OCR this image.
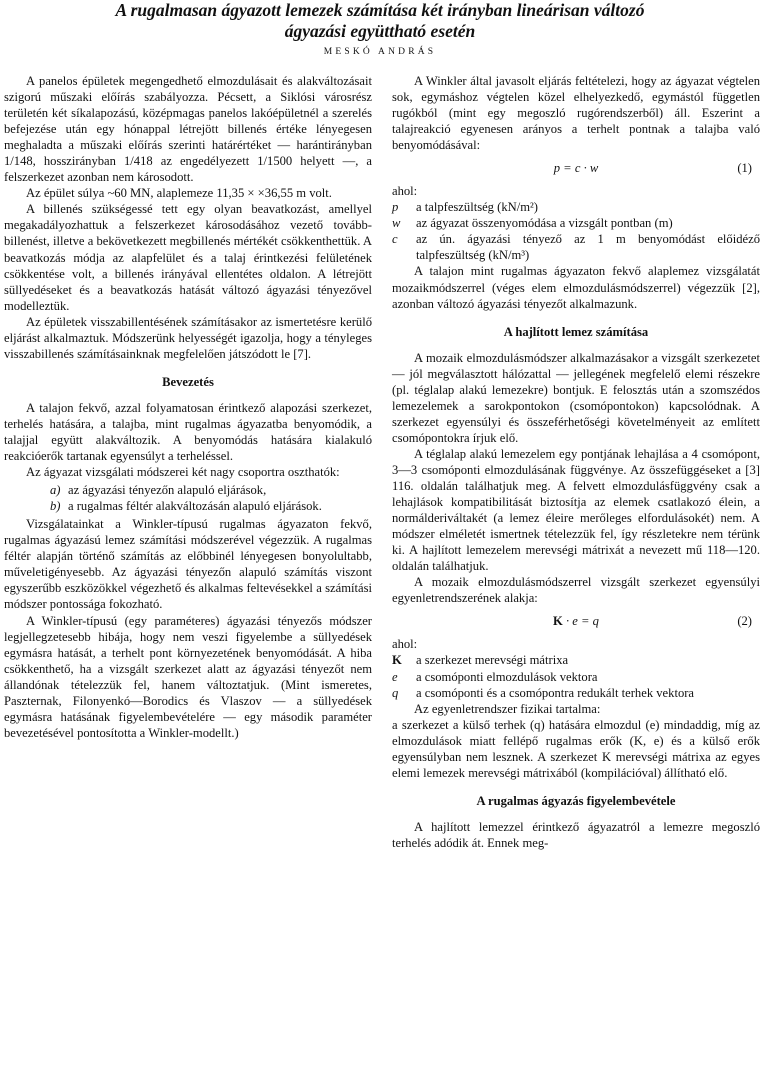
A rugalmasan ágyazott lemezek számítása két irányban lineárisan változó
ágyazási együttható esetén
MESKÓ ANDRÁS

A panelos épületek megengedhető elmozdulásait és alakváltozásait szigorú műszaki előírás szabályozza. Pécsett, a Siklósi városrész területén két síkalapozású, középmagas panelos lakóépületnél a szerelés befejezése után egy hónappal létrejött billenés értéke lényegesen meghaladta a műszaki előírás szerinti határértéket — harántirányban 1/148, hosszirányban 1/418 az engedélyezett 1/1500 helyett —, a felszerkezet azonban nem károsodott.

Az épület súlya ~60 MN, alaplemeze 11,35 × ×36,55 m volt.

A billenés szükségessé tett egy olyan beavatkozást, amellyel megakadályozhattuk a felszerkezet károsodásához vezető tovább-billenést, illetve a bekövetkezett megbillenés mértékét csökkenthettük. A beavatkozás módja az alapfelület és a talaj érintkezési felületének csökkentése volt, a billenés irányával ellentétes oldalon. A létrejött süllyedéseket és a beavatkozás hatását változó ágyazási tényezővel modelleztük.

Az épületek visszabillentésének számításakor az ismertetésre kerülő eljárást alkalmaztuk. Módszerünk helyességét igazolja, hogy a tényleges visszabillenés számításainknak megfelelően játszódott le [7].

Bevezetés

A talajon fekvő, azzal folyamatosan érintkező alapozási szerkezet, terhelés hatására, a talajba, mint rugalmas ágyazatba benyomódik, a talajjal együtt alakváltozik. A benyomódás hatására kialakuló reakcióerők tartanak egyensúlyt a terheléssel.

Az ágyazat vizsgálati módszerei két nagy csoportra oszthatók:

a) az ágyazási tényezőn alapuló eljárások,

b) a rugalmas féltér alakváltozásán alapuló eljárások.

Vizsgálatainkat a Winkler-típusú rugalmas ágyazaton fekvő, rugalmas ágyazású lemez számítási módszerével végezzük. A rugalmas féltér alapján történő számítás az előbbinél lényegesen bonyolultabb, műveletigényesebb. Az ágyazási tényezőn alapuló számítás viszont egyszerűbb eszközökkel végezhető és alkalmas feltevésekkel a számítási módszer pontossága fokozható.

A Winkler-típusú (egy paraméteres) ágyazási tényezős módszer legjellegzetesebb hibája, hogy nem veszi figyelembe a süllyedések egymásra hatását, a terhelt pont környezetének benyomódását. A hiba csökkenthető, ha a vizsgált szerkezet alatt az ágyazási tényezőt nem állandónak tételezzük fel, hanem változtatjuk. (Mint ismeretes, Paszternak, Filonyenkó—Borodics és Vlaszov — a süllyedések egymásra hatásának figyelembevételére — egy második paraméter bevezetésével pontosította a Winkler-modellt.)

A Winkler által javasolt eljárás feltételezi, hogy az ágyazat végtelen sok, egymáshoz végtelen közel elhelyezkedő, egymástól független rugókból (mint egy megoszló rugórendszerből) áll. Eszerint a talajreakció egyenesen arányos a terhelt pontnak a talajba való benyomódásával:

p = c · w	(1)

ahol:

p	a talpfeszültség (kN/m²)
w	az ágyazat összenyomódása a vizsgált pontban (m)
c	az ún. ágyazási tényező az 1 m benyomódást előidéző talpfeszültség (kN/m³)

A talajon mint rugalmas ágyazaton fekvő alaplemez vizsgálatát mozaikmódszerrel (véges elem elmozdulásmódszerrel) végezzük [2], azonban változó ágyazási tényezőt alkalmazunk.

A hajlított lemez számítása

A mozaik elmozdulásmódszer alkalmazásakor a vizsgált szerkezetet — jól megválasztott hálózattal — jellegének megfelelő elemi részekre (pl. téglalap alakú lemezekre) bontjuk. E felosztás után a szomszédos lemezelemek a sarokpontokon (csomópontokon) kapcsolódnak. A szerkezet egyensúlyi és összeférhetőségi követelményeit az említett csomópontokra írjuk elő.

A téglalap alakú lemezelem egy pontjának lehajlása a 4 csomópont, 3—3 csomóponti elmozdulásának függvénye. Az összefüggéseket a [3] 116. oldalán találhatjuk meg. A felvett elmozdulásfüggvény csak a lehajlások kompatibilitását biztosítja az elemek csatlakozó élein, a normálderiváltakét (a lemez éleire merőleges elfordulásokét) nem. A módszer elméletét ismertnek tételezzük fel, így részletekre nem térünk ki. A hajlított lemezelem merevségi mátrixát a nevezett mű 118—120. oldalán találhatjuk.

A mozaik elmozdulásmódszerrel vizsgált szerkezet egyensúlyi egyenletrendszerének alakja:

K · e = q	(2)

ahol:

K	a szerkezet merevségi mátrixa
e	a csomóponti elmozdulások vektora
q	a csomóponti és a csomópontra redukált terhek vektora

Az egyenletrendszer fizikai tartalma:

a szerkezet a külső terhek (q) hatására elmozdul (e) mindaddig, míg az elmozdulások miatt fellépő rugalmas erők (K, e) és a külső erők egyensúlyban nem lesznek. A szerkezet K merevségi mátrixa az egyes elemi lemezek merevségi mátrixából (kompilációval) állítható elő.

A rugalmas ágyazás figyelembevétele

A hajlított lemezzel érintkező ágyazatról a lemezre megoszló terhelés adódik át. Ennek meg-
